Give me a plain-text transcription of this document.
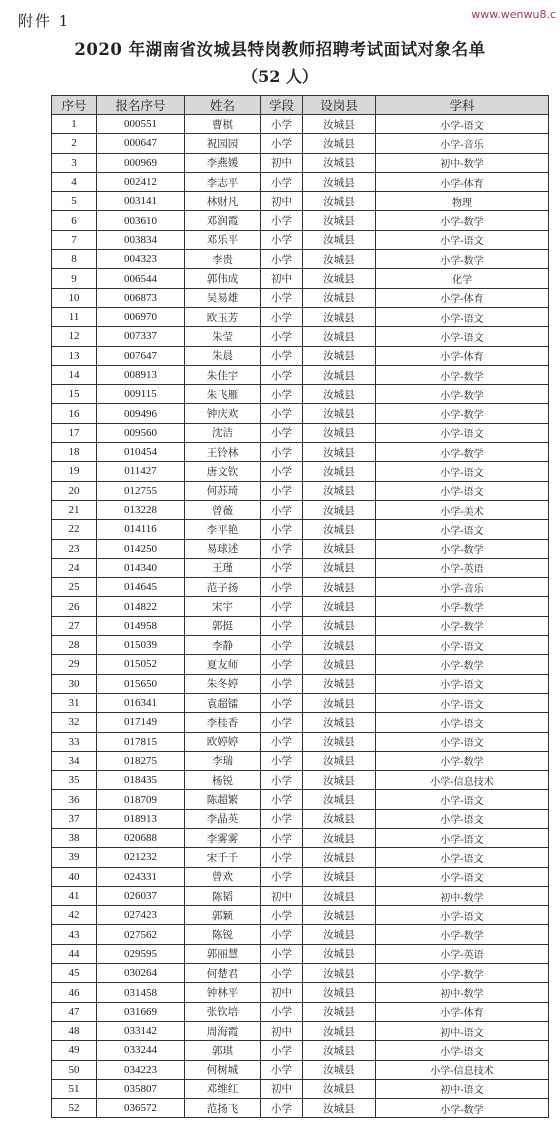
附件 1	www.wenwu8.c
2020 年湖南省汝城县特岗教师招聘考试面试对象名单
（52 人）
序号	报名序号	姓名	学段	设岗县	学科
1	000551	曹棋	小学	汝城县	小学-语文
2	000647	祝园园	小学	汝城县	小学-音乐
3	000969	李燕媛	初中	汝城县	初中-数学
4	002412	李志平	小学	汝城县	小学-体育
5	003141	林财凡	初中	汝城县	物理
6	003610	邓润霞	小学	汝城县	小学-数学
7	003834	邓乐平	小学	汝城县	小学-语文
8	004323	李贵	小学	汝城县	小学-数学
9	006544	郭伟成	初中	汝城县	化学
10	006873	吴易雄	小学	汝城县	小学-体育
11	006970	欧玉芳	小学	汝城县	小学-语文
12	007337	朱莹	小学	汝城县	小学-语文
13	007647	朱晨	小学	汝城县	小学-体育
14	008913	朱佳宇	小学	汝城县	小学-数学
15	009115	朱飞雁	小学	汝城县	小学-数学
16	009496	钟庆欢	小学	汝城县	小学-数学
17	009560	沈洁	小学	汝城县	小学-语文
18	010454	王铃林	小学	汝城县	小学-数学
19	011427	唐文钦	小学	汝城县	小学-语文
20	012755	何苏琦	小学	汝城县	小学-语文
21	013228	曾薇	小学	汝城县	小学-美术
22	014116	李平艳	小学	汝城县	小学-语文
23	014250	易球述	小学	汝城县	小学-数学
24	014340	王瑾	小学	汝城县	小学-英语
25	014645	范子扬	小学	汝城县	小学-音乐
26	014822	宋宇	小学	汝城县	小学-数学
27	014958	郭挺	小学	汝城县	小学-数学
28	015039	李静	小学	汝城县	小学-语文
29	015052	夏友师	小学	汝城县	小学-数学
30	015650	朱冬婷	小学	汝城县	小学-语文
31	016341	袁超镭	小学	汝城县	小学-语文
32	017149	李桂香	小学	汝城县	小学-语文
33	017815	欧婷婷	小学	汝城县	小学-语文
34	018275	李瑞	小学	汝城县	小学-数学
35	018435	杨锐	小学	汝城县	小学-信息技术
36	018709	陈超繁	小学	汝城县	小学-语文
37	018913	李晶英	小学	汝城县	小学-语文
38	020688	李雾雾	小学	汝城县	小学-语文
39	021232	宋千千	小学	汝城县	小学-语文
40	024331	曾欢	小学	汝城县	小学-语文
41	026037	陈韬	初中	汝城县	初中-数学
42	027423	郭颖	小学	汝城县	小学-语文
43	027562	陈锐	小学	汝城县	小学-数学
44	029595	郭丽慧	小学	汝城县	小学-英语
45	030264	何楚君	小学	汝城县	小学-数学
46	031458	钟林平	初中	汝城县	初中-数学
47	031669	张钦培	小学	汝城县	小学-体育
48	033142	周海霞	初中	汝城县	初中-语文
49	033244	郭琪	小学	汝城县	小学-语文
50	034223	何树城	小学	汝城县	小学-信息技术
51	035807	邓维红	初中	汝城县	初中-语文
52	036572	范扬飞	小学	汝城县	小学-数学
